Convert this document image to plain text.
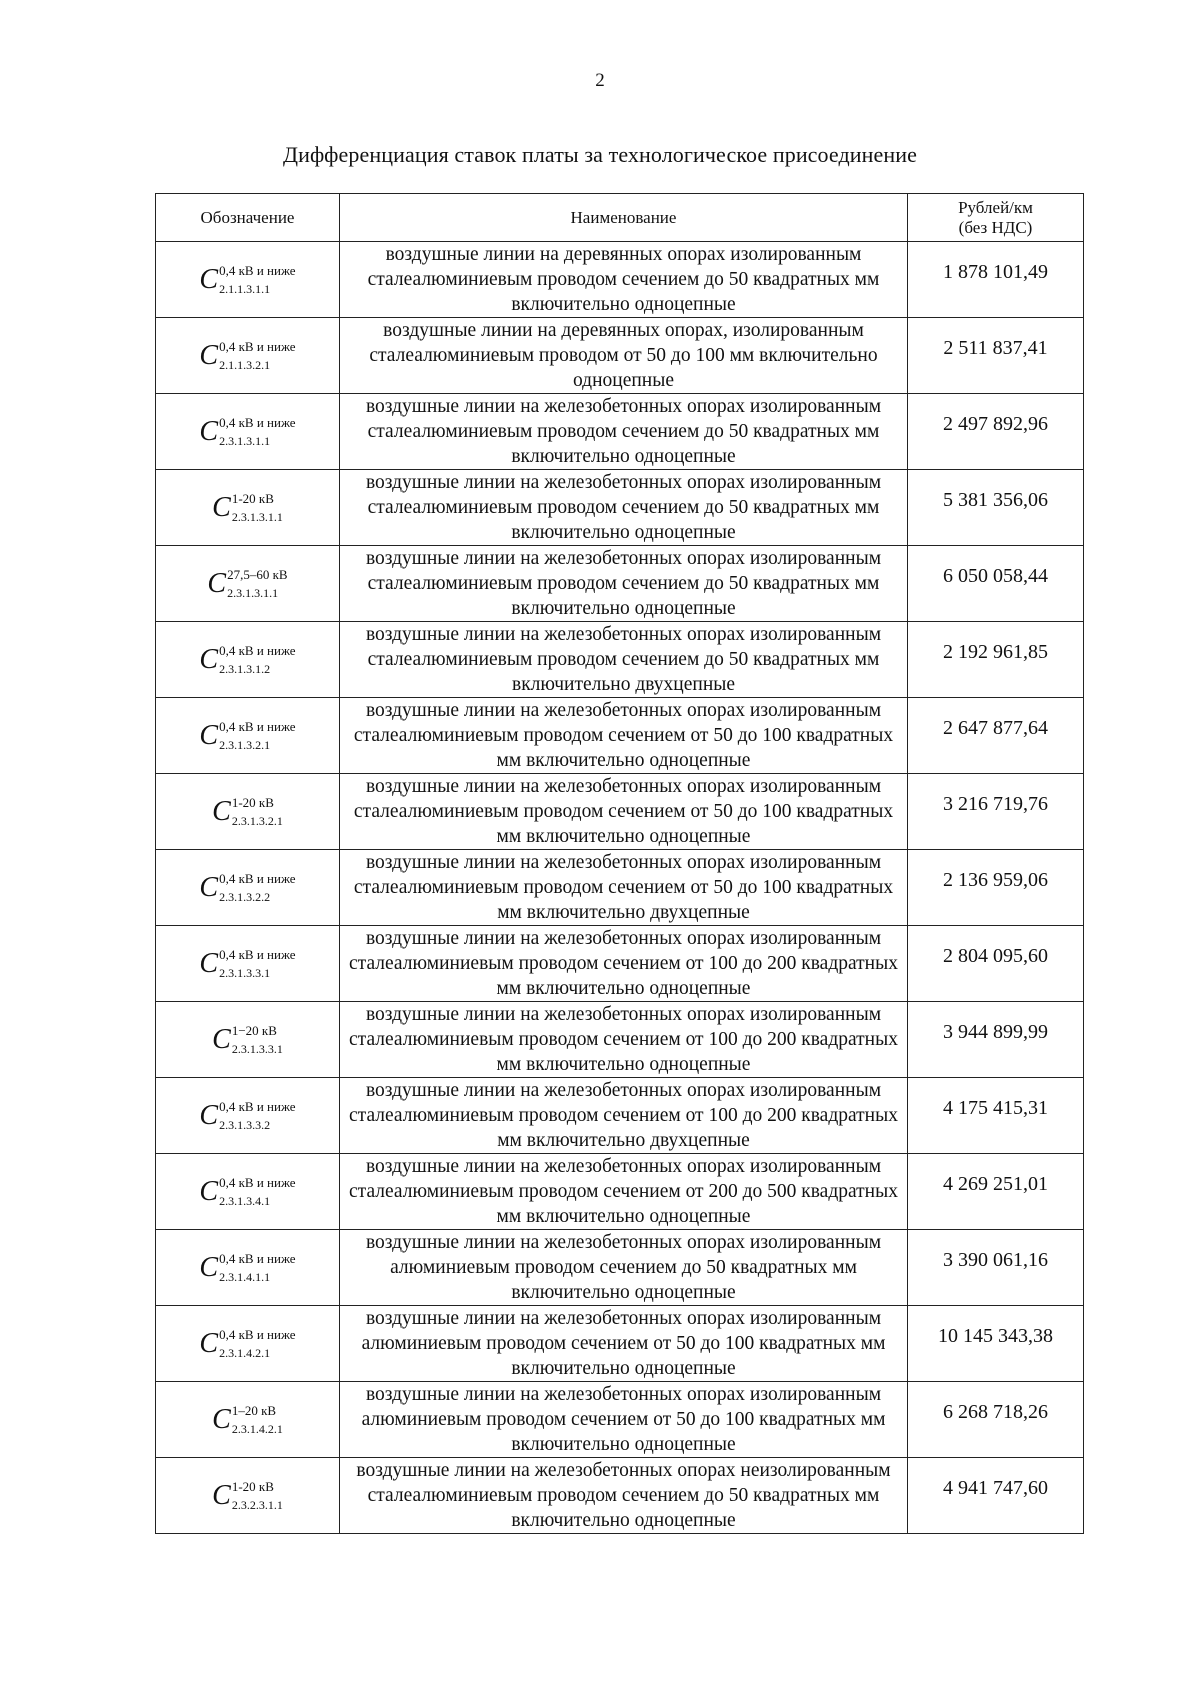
2
Дифференциация ставок платы за технологическое присоединение
Обозначение	Наименование	Рублей/км
(без НДС)

C 0,4 кВ и ниже
2.1.1.3.1.1	воздушные линии на деревянных опорах изолированным сталеалюминиевым проводом сечением до 50 квадратных мм включительно одноцепные	1 878 101,49

C 0,4 кВ и ниже
2.1.1.3.2.1	воздушные линии на деревянных опорах, изолированным сталеалюминиевым проводом от 50 до 100 мм включительно одноцепные	2 511 837,41

C 0,4 кВ и ниже
2.3.1.3.1.1	воздушные линии на железобетонных опорах изолированным сталеалюминиевым проводом сечением до 50 квадратных мм включительно одноцепные	2 497 892,96

C 1-20 кВ
2.3.1.3.1.1	воздушные линии на железобетонных опорах изолированным сталеалюминиевым проводом сечением до 50 квадратных мм включительно одноцепные	5 381 356,06

C 27,5–60 кВ
2.3.1.3.1.1	воздушные линии на железобетонных опорах изолированным сталеалюминиевым проводом сечением до 50 квадратных мм включительно одноцепные	6 050 058,44

C 0,4 кВ и ниже
2.3.1.3.1.2	воздушные линии на железобетонных опорах изолированным сталеалюминиевым проводом сечением до 50 квадратных мм включительно двухцепные	2 192 961,85

C 0,4 кВ и ниже
2.3.1.3.2.1	воздушные линии на железобетонных опорах изолированным сталеалюминиевым проводом сечением от 50 до 100 квадратных мм включительно одноцепные	2 647 877,64

C 1-20 кВ
2.3.1.3.2.1	воздушные линии на железобетонных опорах изолированным сталеалюминиевым проводом сечением от 50 до 100 квадратных мм включительно одноцепные	3 216 719,76

C 0,4 кВ и ниже
2.3.1.3.2.2	воздушные линии на железобетонных опорах изолированным сталеалюминиевым проводом сечением от 50 до 100 квадратных мм включительно двухцепные	2 136 959,06

C 0,4 кВ и ниже
2.3.1.3.3.1	воздушные линии на железобетонных опорах изолированным сталеалюминиевым проводом сечением от 100 до 200 квадратных мм включительно одноцепные	2 804 095,60

C 1−20 кВ
2.3.1.3.3.1	воздушные линии на железобетонных опорах изолированным сталеалюминиевым проводом сечением от 100 до 200 квадратных мм включительно одноцепные	3 944 899,99

C 0,4 кВ и ниже
2.3.1.3.3.2	воздушные линии на железобетонных опорах изолированным сталеалюминиевым проводом сечением от 100 до 200 квадратных мм включительно двухцепные	4 175 415,31

C 0,4 кВ и ниже
2.3.1.3.4.1	воздушные линии на железобетонных опорах изолированным сталеалюминиевым проводом сечением от 200 до 500 квадратных мм включительно одноцепные	4 269 251,01

C 0,4 кВ и ниже
2.3.1.4.1.1	воздушные линии на железобетонных опорах изолированным алюминиевым проводом сечением до 50 квадратных мм включительно одноцепные	3 390 061,16

C 0,4 кВ и ниже
2.3.1.4.2.1	воздушные линии на железобетонных опорах изолированным алюминиевым проводом сечением от 50 до 100 квадратных мм включительно одноцепные	10 145 343,38

C 1–20 кВ
2.3.1.4.2.1	воздушные линии на железобетонных опорах изолированным алюминиевым проводом сечением от 50 до 100 квадратных мм включительно одноцепные	6 268 718,26

C 1-20 кВ
2.3.2.3.1.1	воздушные линии на железобетонных опорах неизолированным сталеалюминиевым проводом сечением до 50 квадратных мм включительно одноцепные	4 941 747,60
